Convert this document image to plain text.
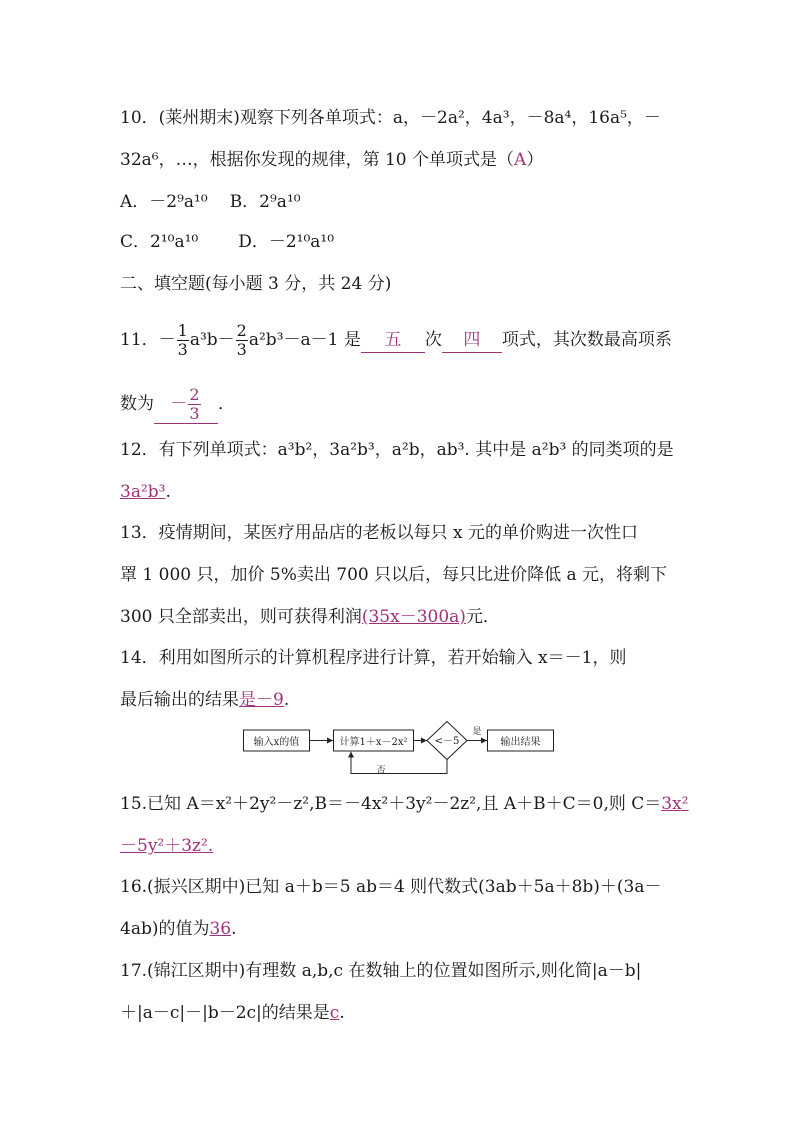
10．(莱州期末)观察下列各单项式：a，－2a²，4a³，－8a⁴，16a⁵，－
32a⁶，…，根据你发现的规律，第 10 个单项式是（A）
A．－2⁹a¹⁰ B．2⁹a¹⁰
C．2¹⁰a¹⁰ D．－2¹⁰a¹⁰
二、填空题(每小题 3 分，共 24 分)
11．－ $\frac{1}{3} a^3b- \frac{2}{3} a^2b^3-a-1$ 是 五 次 四 项式，其次数最高项系
数为 － $\frac{2}{3}$ ．
12．有下列单项式：a³b²，3a²b³，a²b，ab³. 其中是 a²b³ 的同类项的是
3a²b³.
13．疫情期间，某医疗用品店的老板以每只 x 元的单价购进一次性口
罩 1 000 只，加价 5%卖出 700 只以后，每只比进价降低 a 元，将剩下
300 只全部卖出，则可获得利润(35x－300a)元．
14．利用如图所示的计算机程序进行计算，若开始输入 x＝－1，则
最后输出的结果是－9.
输入x的值	计算1＋x－2x²	<－5
是
输出结果
否
15.已知 A＝x²＋2y²－z²,B＝－4x²＋3y²－2z²,且 A＋B＋C＝0,则 C＝3x²
－5y²＋3z².
16.(振兴区期中)已知 a＋b＝5 ab＝4 则代数式(3ab＋5a＋8b)＋(3a－
4ab)的值为36.
17.(锦江区期中)有理数 a,b,c 在数轴上的位置如图所示,则化简|a－b|
＋|a－c|－|b－2c|的结果是c.
